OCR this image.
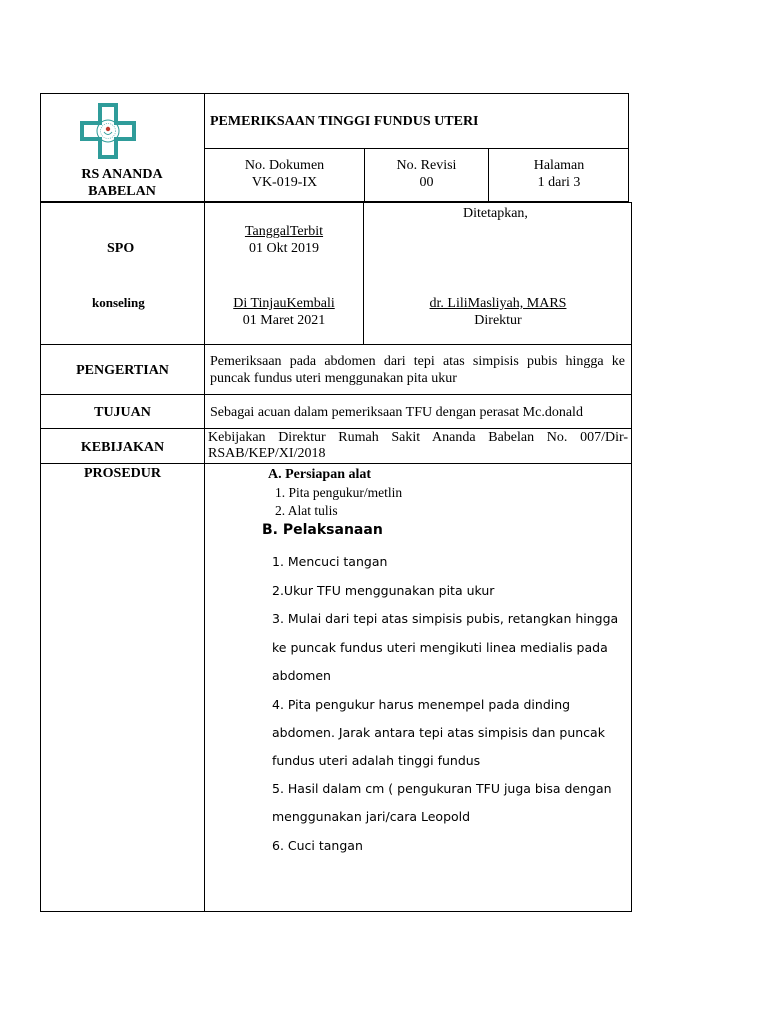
RS ANANDA
BABELAN
PEMERIKSAAN TINGGI FUNDUS UTERI
No. Dokumen
VK-019-IX
No. Revisi
00
Halaman
1 dari 3
SPO
konseling
TanggalTerbit
01 Okt 2019
Di TinjauKembali
01 Maret 2021
Ditetapkan,
dr. LiliMasliyah, MARS
Direktur
PENGERTIAN
Pemeriksaan pada abdomen dari tepi atas simpisis pubis hingga ke
puncak fundus uteri menggunakan pita ukur
TUJUAN	Sebagai acuan dalam pemeriksaan TFU dengan perasat Mc.donald
KEBIJAKAN
Kebijakan Direktur Rumah Sakit Ananda Babelan No. 007/Dir-
RSAB/KEP/XI/2018
PROSEDUR	A. Persiapan alat
1. Pita pengukur/metlin
2. Alat tulis
B. Pelaksanaan
1. Mencuci tangan
2.Ukur TFU menggunakan pita ukur
3. Mulai dari tepi atas simpisis pubis, retangkan hingga
ke puncak fundus uteri mengikuti linea medialis pada
abdomen
4. Pita pengukur harus menempel pada dinding
abdomen. Jarak antara tepi atas simpisis dan puncak
fundus uteri adalah tinggi fundus
5. Hasil dalam cm ( pengukuran TFU juga bisa dengan
menggunakan jari/cara Leopold
6. Cuci tangan
